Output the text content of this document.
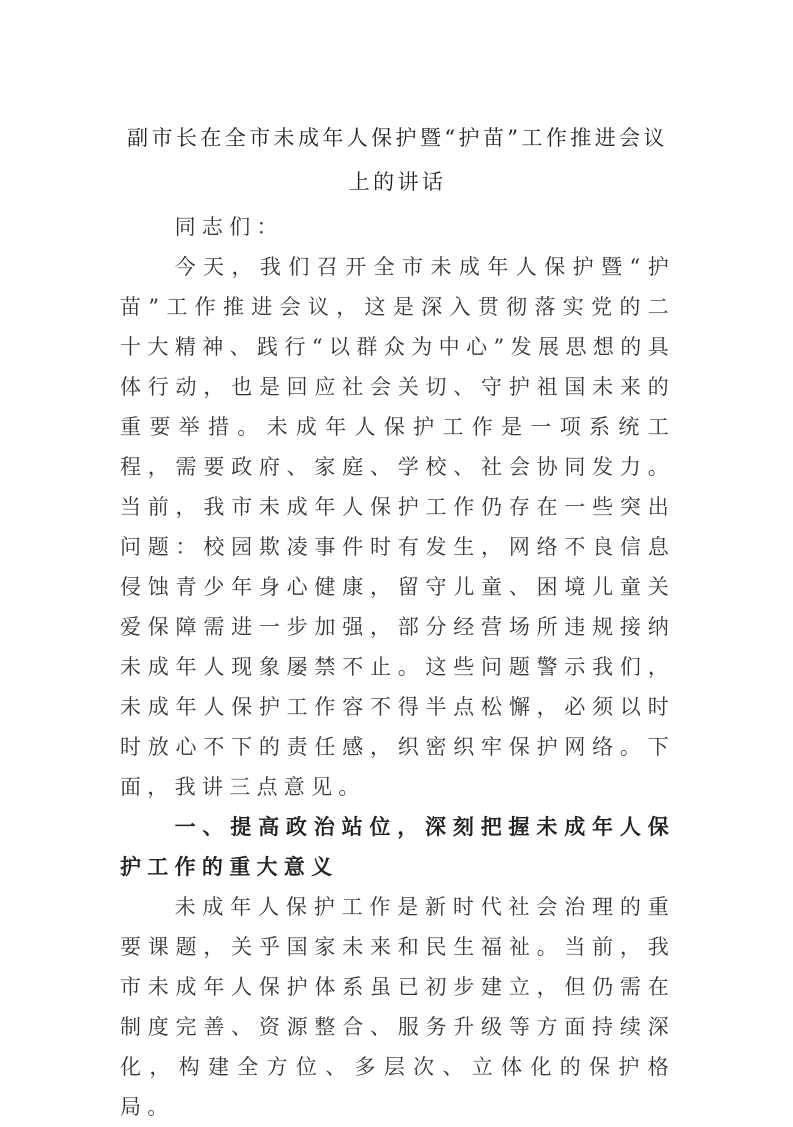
副市长在全市未成年人保护暨“护苗”工作推进会议上的讲话

同志们：

今天，我们召开全市未成年人保护暨“护苗”工作推进会议，这是深入贯彻落实党的二十大精神、践行“以群众为中心”发展思想的具体行动，也是回应社会关切、守护祖国未来的重要举措。未成年人保护工作是一项系统工程，需要政府、家庭、学校、社会协同发力。当前，我市未成年人保护工作仍存在一些突出问题：校园欺凌事件时有发生，网络不良信息侵蚀青少年身心健康，留守儿童、困境儿童关爱保障需进一步加强，部分经营场所违规接纳未成年人现象屡禁不止。这些问题警示我们，未成年人保护工作容不得半点松懈，必须以时时放心不下的责任感，织密织牢保护网络。下面，我讲三点意见。

一、提高政治站位，深刻把握未成年人保护工作的重大意义

未成年人保护工作是新时代社会治理的重要课题，关乎国家未来和民生福祉。当前，我市未成年人保护体系虽已初步建立，但仍需在制度完善、资源整合、服务升级等方面持续深化，构建全方位、多层次、立体化的保护格局。
